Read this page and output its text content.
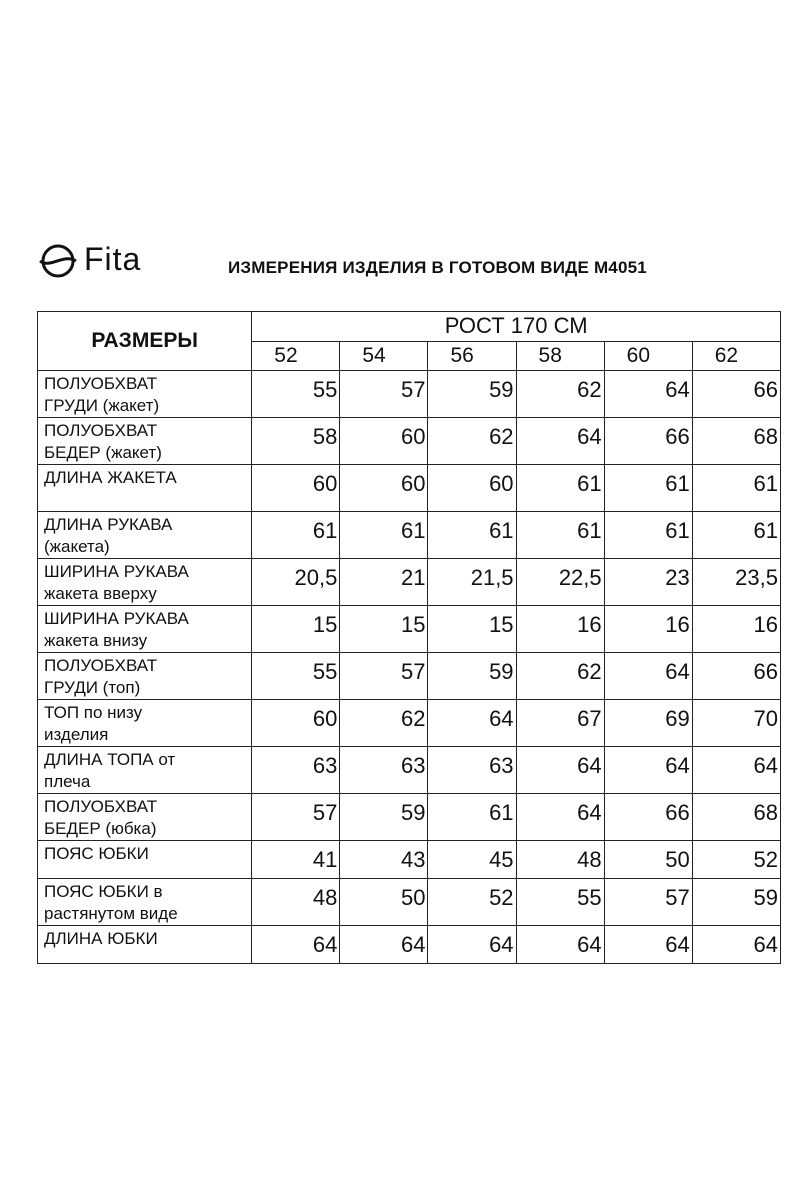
Fita	ИЗМЕРЕНИЯ ИЗДЕЛИЯ В ГОТОВОМ ВИДЕ М4051
РАЗМЕРЫ	РОСТ 170 СМ					
	52	54	56	58	60	62

ПОЛУОБХВАТ
ГРУДИ (жакет)	55	57	59	62	64	66

ПОЛУОБХВАТ
БЕДЕР (жакет)	58	60	62	64	66	68

ДЛИНА ЖАКЕТА	60	60	60	61	61	61

ДЛИНА РУКАВА
(жакета)	61	61	61	61	61	61

ШИРИНА РУКАВА
жакета вверху	20,5	21	21,5	22,5	23	23,5

ШИРИНА РУКАВА
жакета внизу	15	15	15	16	16	16

ПОЛУОБХВАТ
ГРУДИ (топ)	55	57	59	62	64	66

ТОП по низу
изделия	60	62	64	67	69	70

ДЛИНА ТОПА от
плеча	63	63	63	64	64	64

ПОЛУОБХВАТ
БЕДЕР (юбка)	57	59	61	64	66	68

ПОЯС ЮБКИ	41	43	45	48	50	52

ПОЯС ЮБКИ в
растянутом виде	48	50	52	55	57	59

ДЛИНА ЮБКИ	64	64	64	64	64	64
